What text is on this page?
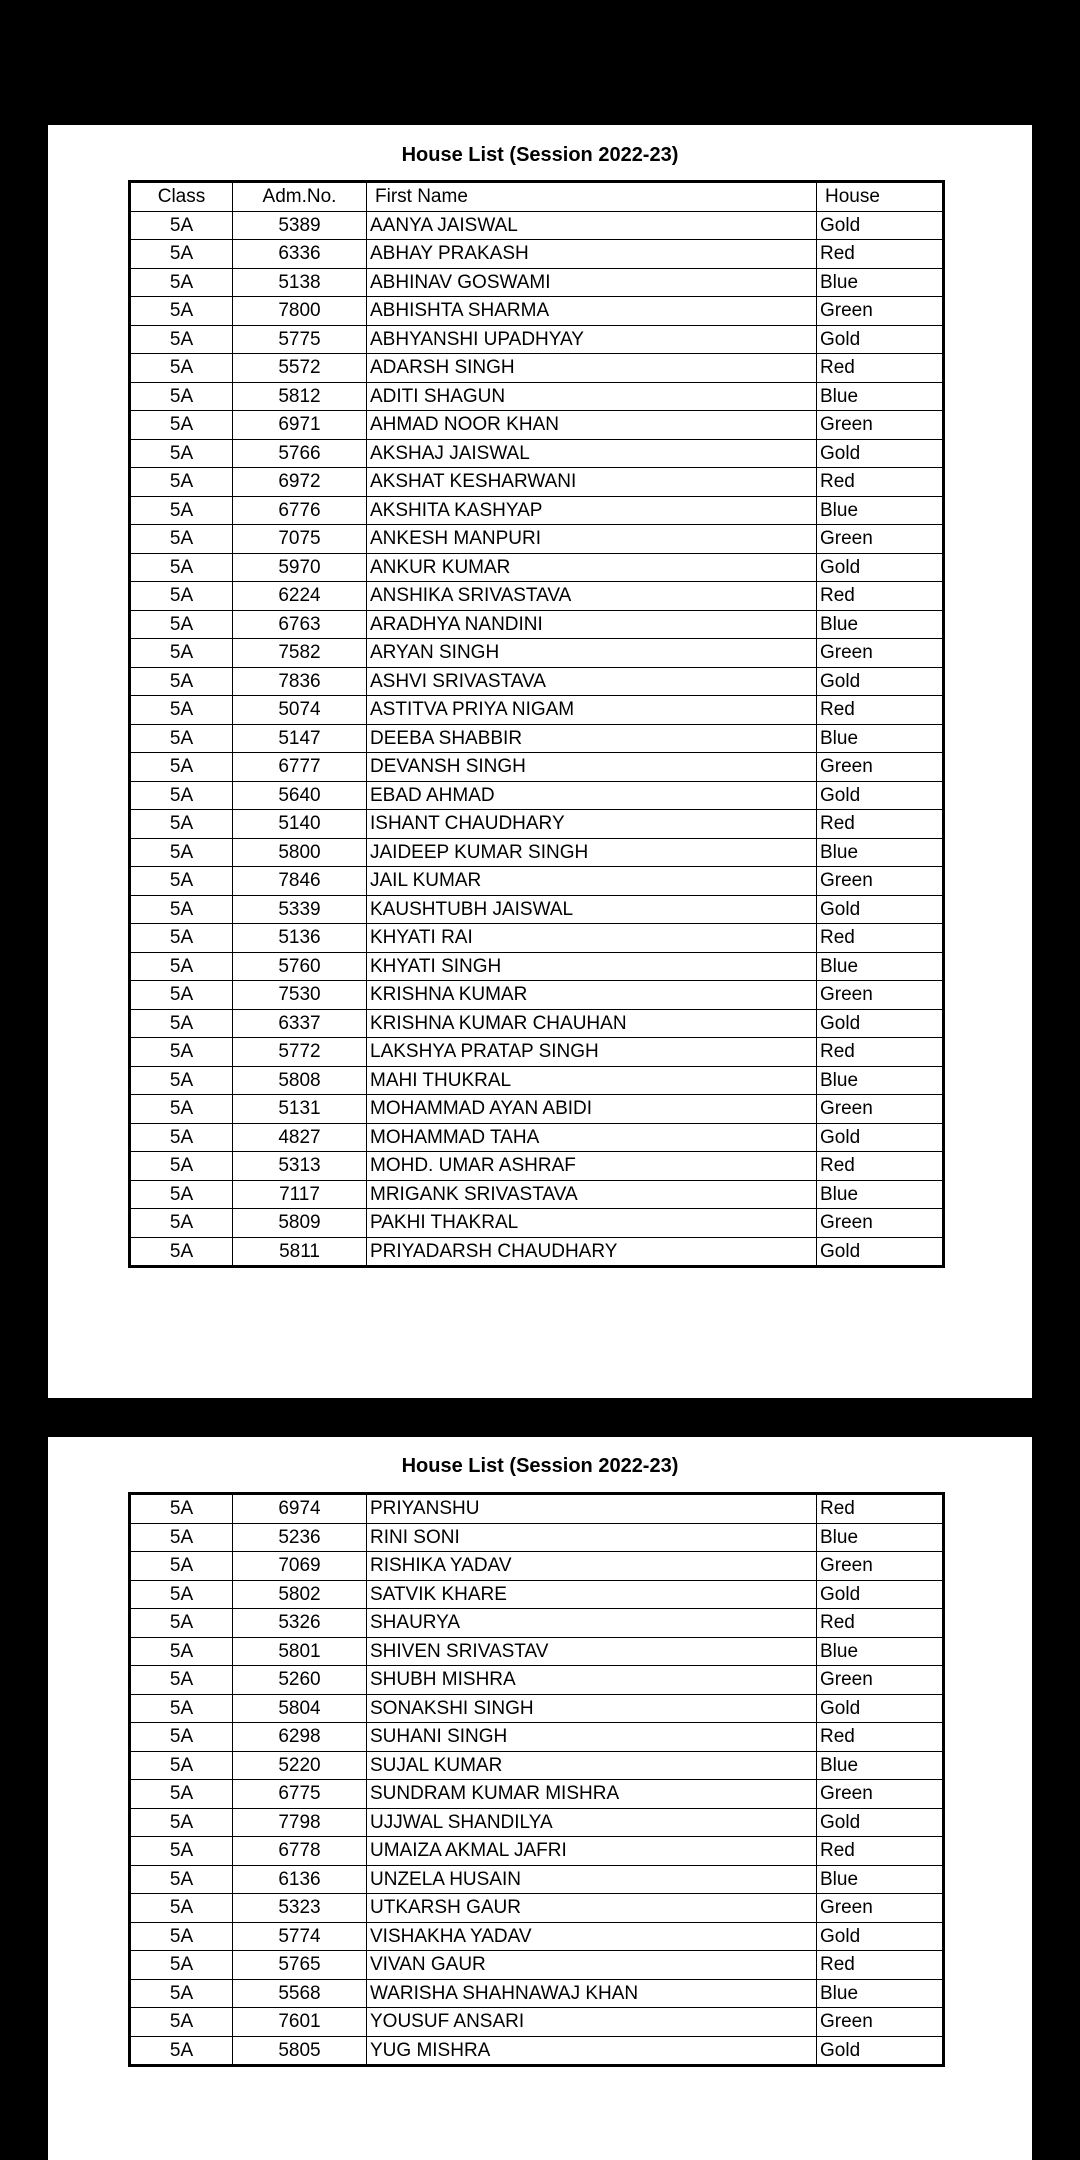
House List (Session 2022-23)
Class	Adm.No.	First Name	House
5A	5389	AANYA JAISWAL	Gold
5A	6336	ABHAY PRAKASH	Red
5A	5138	ABHINAV GOSWAMI	Blue
5A	7800	ABHISHTA SHARMA	Green
5A	5775	ABHYANSHI UPADHYAY	Gold
5A	5572	ADARSH SINGH	Red
5A	5812	ADITI SHAGUN	Blue
5A	6971	AHMAD NOOR KHAN	Green
5A	5766	AKSHAJ JAISWAL	Gold
5A	6972	AKSHAT KESHARWANI	Red
5A	6776	AKSHITA KASHYAP	Blue
5A	7075	ANKESH MANPURI	Green
5A	5970	ANKUR KUMAR	Gold
5A	6224	ANSHIKA SRIVASTAVA	Red
5A	6763	ARADHYA NANDINI	Blue
5A	7582	ARYAN SINGH	Green
5A	7836	ASHVI SRIVASTAVA	Gold
5A	5074	ASTITVA PRIYA NIGAM	Red
5A	5147	DEEBA SHABBIR	Blue
5A	6777	DEVANSH SINGH	Green
5A	5640	EBAD AHMAD	Gold
5A	5140	ISHANT CHAUDHARY	Red
5A	5800	JAIDEEP KUMAR SINGH	Blue
5A	7846	JAIL KUMAR	Green
5A	5339	KAUSHTUBH JAISWAL	Gold
5A	5136	KHYATI RAI	Red
5A	5760	KHYATI SINGH	Blue
5A	7530	KRISHNA KUMAR	Green
5A	6337	KRISHNA KUMAR CHAUHAN	Gold
5A	5772	LAKSHYA PRATAP SINGH	Red
5A	5808	MAHI THUKRAL	Blue
5A	5131	MOHAMMAD AYAN ABIDI	Green
5A	4827	MOHAMMAD TAHA	Gold
5A	5313	MOHD. UMAR ASHRAF	Red
5A	7117	MRIGANK SRIVASTAVA	Blue
5A	5809	PAKHI THAKRAL	Green
5A	5811	PRIYADARSH CHAUDHARY	Gold
House List (Session 2022-23)
5A	6974	PRIYANSHU	Red
5A	5236	RINI SONI	Blue
5A	7069	RISHIKA YADAV	Green
5A	5802	SATVIK KHARE	Gold
5A	5326	SHAURYA	Red
5A	5801	SHIVEN SRIVASTAV	Blue
5A	5260	SHUBH MISHRA	Green
5A	5804	SONAKSHI SINGH	Gold
5A	6298	SUHANI SINGH	Red
5A	5220	SUJAL KUMAR	Blue
5A	6775	SUNDRAM KUMAR MISHRA	Green
5A	7798	UJJWAL SHANDILYA	Gold
5A	6778	UMAIZA AKMAL JAFRI	Red
5A	6136	UNZELA HUSAIN	Blue
5A	5323	UTKARSH GAUR	Green
5A	5774	VISHAKHA YADAV	Gold
5A	5765	VIVAN GAUR	Red
5A	5568	WARISHA SHAHNAWAJ KHAN	Blue
5A	7601	YOUSUF ANSARI	Green
5A	5805	YUG MISHRA	Gold
